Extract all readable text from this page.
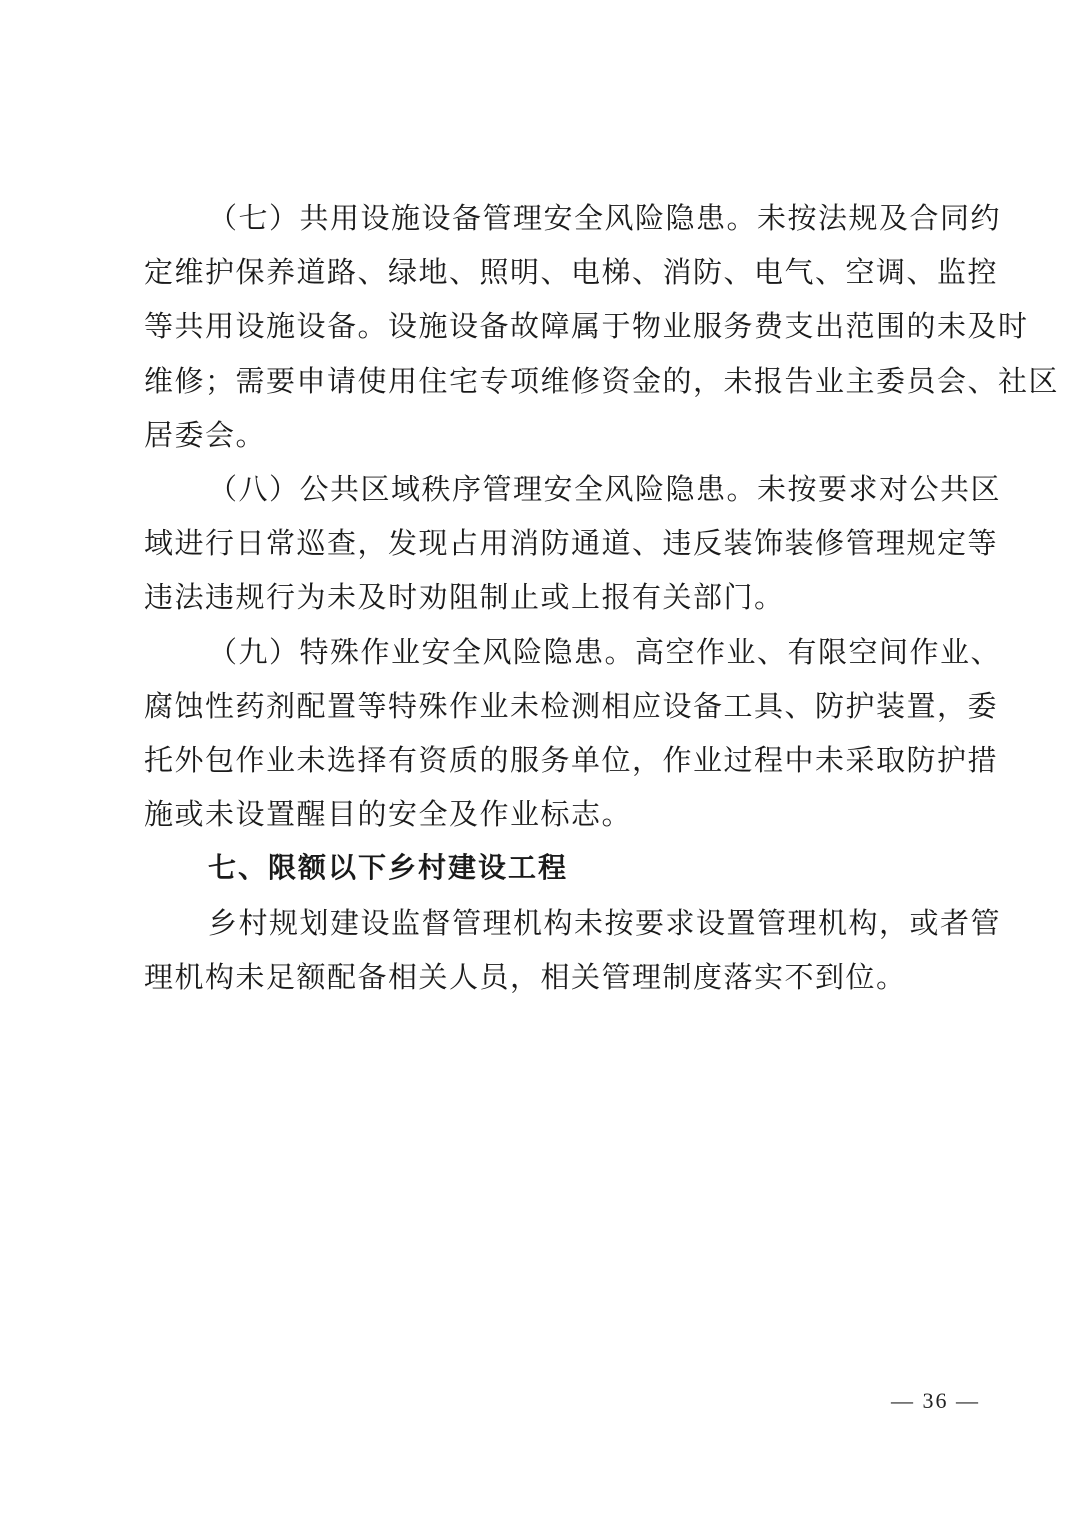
（七）共用设施设备管理安全风险隐患。未按法规及合同约
定维护保养道路、绿地、照明、电梯、消防、电气、空调、监控
等共用设施设备。设施设备故障属于物业服务费支出范围的未及时
维修；需要申请使用住宅专项维修资金的，未报告业主委员会、社区
居委会。

（八）公共区域秩序管理安全风险隐患。未按要求对公共区
域进行日常巡查，发现占用消防通道、违反装饰装修管理规定等
违法违规行为未及时劝阻制止或上报有关部门。

（九）特殊作业安全风险隐患。高空作业、有限空间作业、
腐蚀性药剂配置等特殊作业未检测相应设备工具、防护装置，委
托外包作业未选择有资质的服务单位，作业过程中未采取防护措
施或未设置醒目的安全及作业标志。

七、限额以下乡村建设工程

乡村规划建设监督管理机构未按要求设置管理机构，或者管
理机构未足额配备相关人员，相关管理制度落实不到位。

— 36 —
